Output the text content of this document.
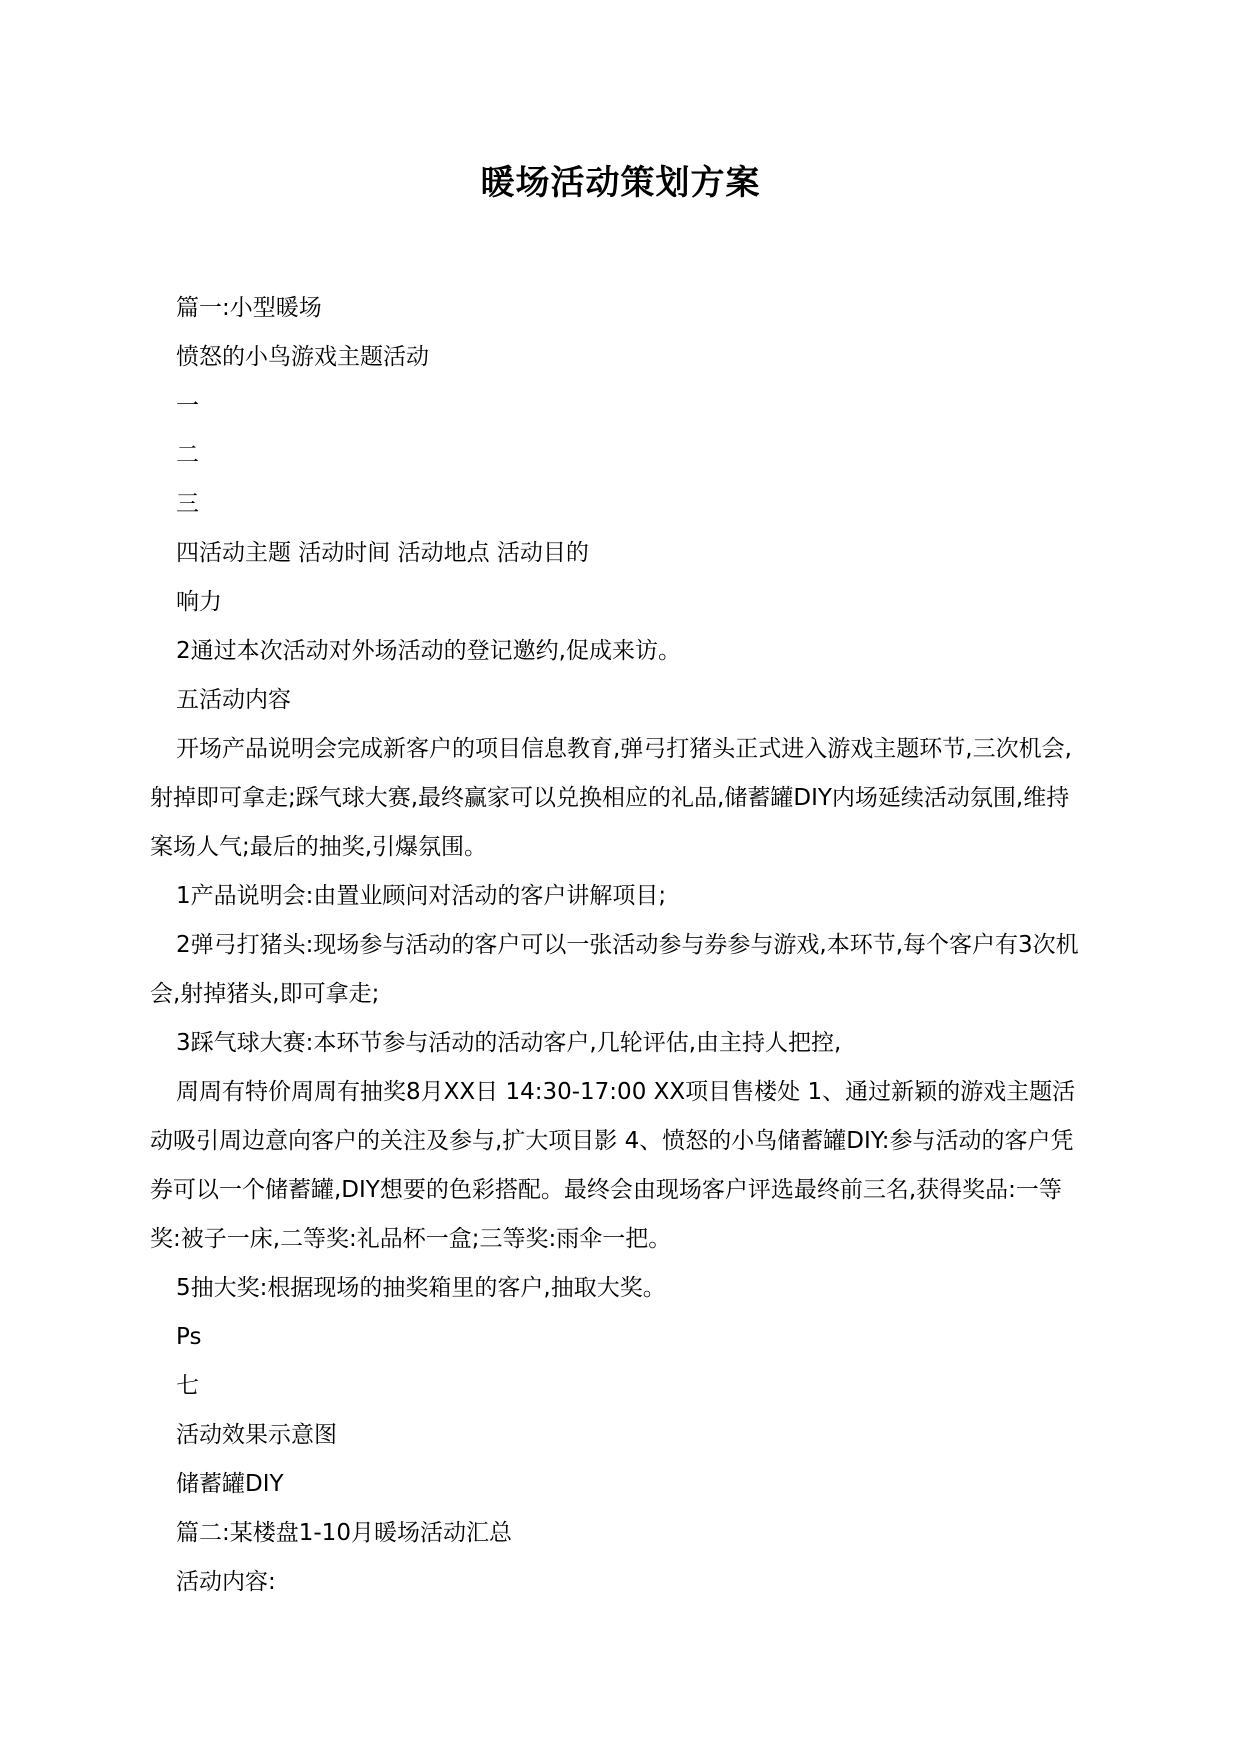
暖场活动策划方案

篇一:小型暖场

愤怒的小鸟游戏主题活动

一

二

三

四活动主题 活动时间 活动地点 活动目的

响力

2通过本次活动对外场活动的登记邀约,促成来访。

五活动内容

开场产品说明会完成新客户的项目信息教育,弹弓打猪头正式进入游戏主题环节,三次机会,射掉即可拿走;踩气球大赛,最终赢家可以兑换相应的礼品,储蓄罐DIY内场延续活动氛围,维持案场人气;最后的抽奖,引爆氛围。

1产品说明会:由置业顾问对活动的客户讲解项目;

2弹弓打猪头:现场参与活动的客户可以一张活动参与券参与游戏,本环节,每个客户有3次机会,射掉猪头,即可拿走;

3踩气球大赛:本环节参与活动的活动客户,几轮评估,由主持人把控,

周周有特价周周有抽奖8月XX日 14:30-17:00 XX项目售楼处 1、通过新颖的游戏主题活动吸引周边意向客户的关注及参与,扩大项目影 4、愤怒的小鸟储蓄罐DIY:参与活动的客户凭券可以一个储蓄罐,DIY想要的色彩搭配。最终会由现场客户评选最终前三名,获得奖品:一等奖:被子一床,二等奖:礼品杯一盒;三等奖:雨伞一把。

5抽大奖:根据现场的抽奖箱里的客户,抽取大奖。

Ps

七

活动效果示意图

储蓄罐DIY

篇二:某楼盘1-10月暖场活动汇总

活动内容:
